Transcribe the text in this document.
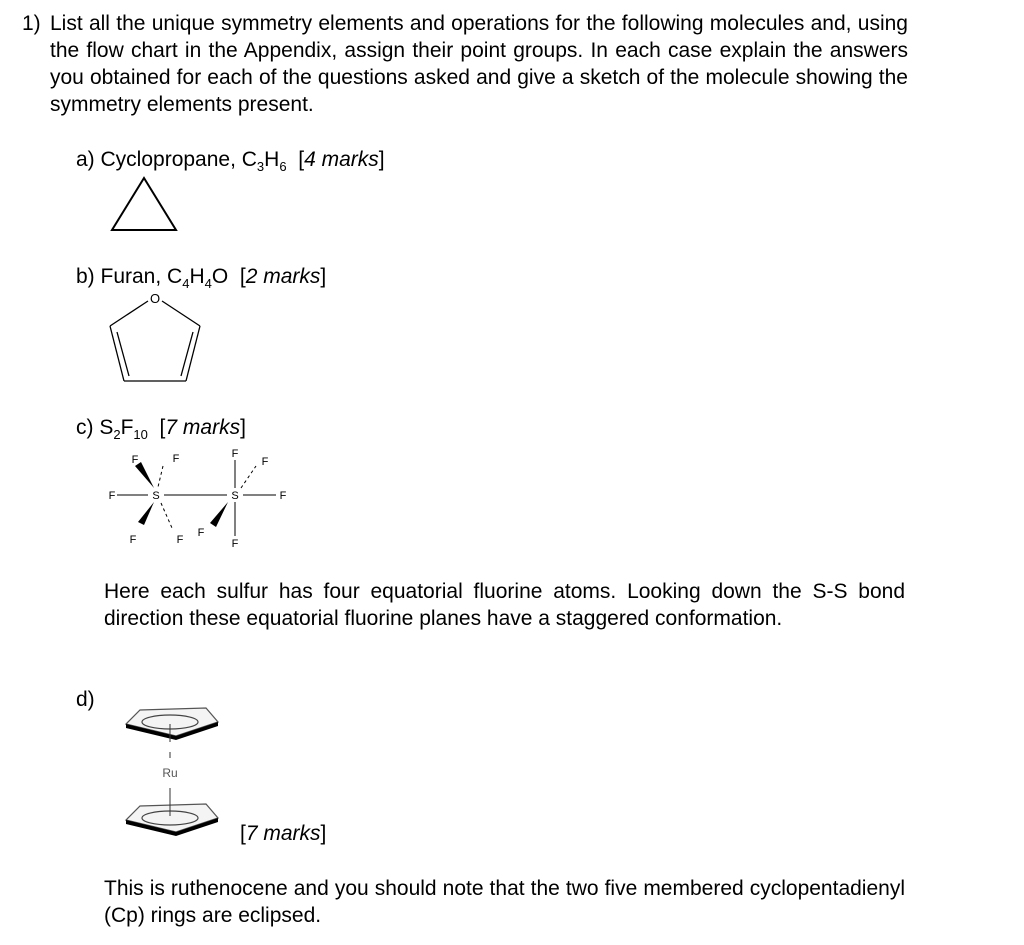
1) List all the unique symmetry elements and operations for the following molecules and, using the flow chart in the Appendix, assign their point groups. In each case explain the answers you obtained for each of the questions asked and give a sketch of the molecule showing the symmetry elements present.
a) Cyclopropane, $C_3H_6$ [4 marks]
b) Furan, $C_4H_4O$ [2 marks]
O
c) $S_2F_{10}$ [7 marks]
S	S
F
F	F
F	F
F
F
F
F
F
Here each sulfur has four equatorial fluorine atoms. Looking down the S-S bond direction these equatorial fluorine planes have a staggered conformation.
d)
Ru
[7 marks]
This is ruthenocene and you should note that the two five membered cyclopentadienyl (Cp) rings are eclipsed.
